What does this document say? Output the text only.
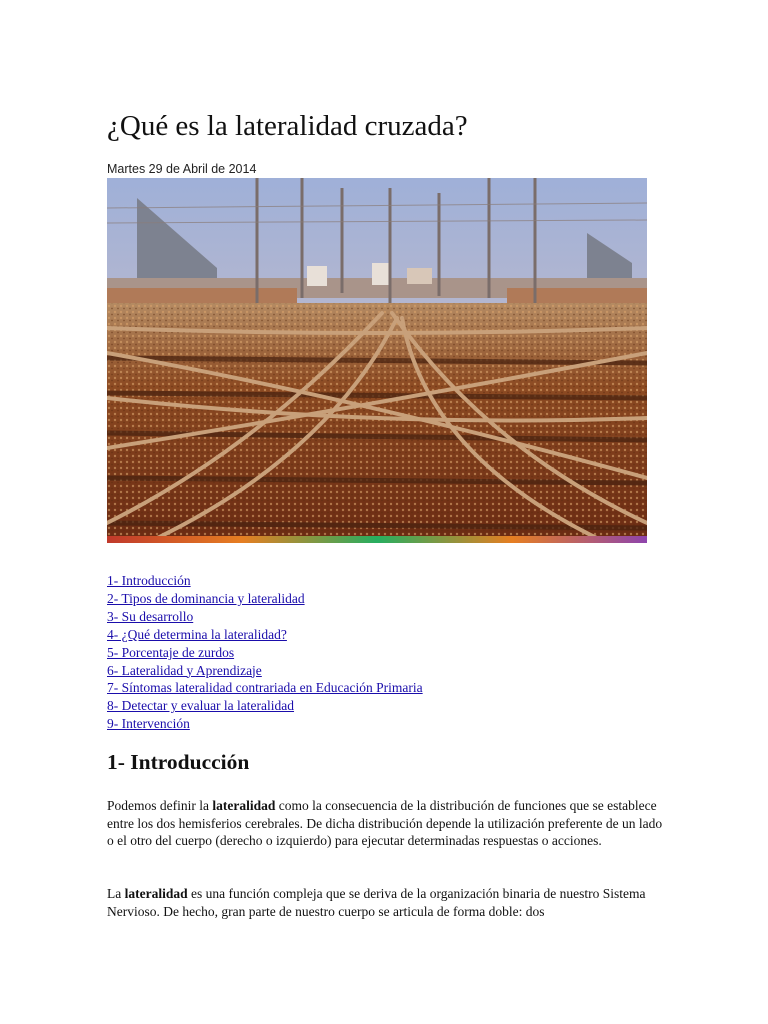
¿Qué es la lateralidad cruzada?
Martes 29 de Abril de 2014
1- Introducción
2- Tipos de dominancia y lateralidad
3- Su desarrollo
4- ¿Qué determina la lateralidad?
5- Porcentaje de zurdos
6- Lateralidad y Aprendizaje
7- Síntomas lateralidad contrariada en Educación Primaria
8- Detectar y evaluar la lateralidad
9- Intervención
1- Introducción

Podemos definir la lateralidad como la consecuencia de la distribución de funciones que se establece entre los dos hemisferios cerebrales. De dicha distribución depende la utilización preferente de un lado o el otro del cuerpo (derecho o izquierdo) para ejecutar determinadas respuestas o acciones.

La lateralidad es una función compleja que se deriva de la organización binaria de nuestro Sistema Nervioso. De hecho, gran parte de nuestro cuerpo se articula de forma doble: dos
